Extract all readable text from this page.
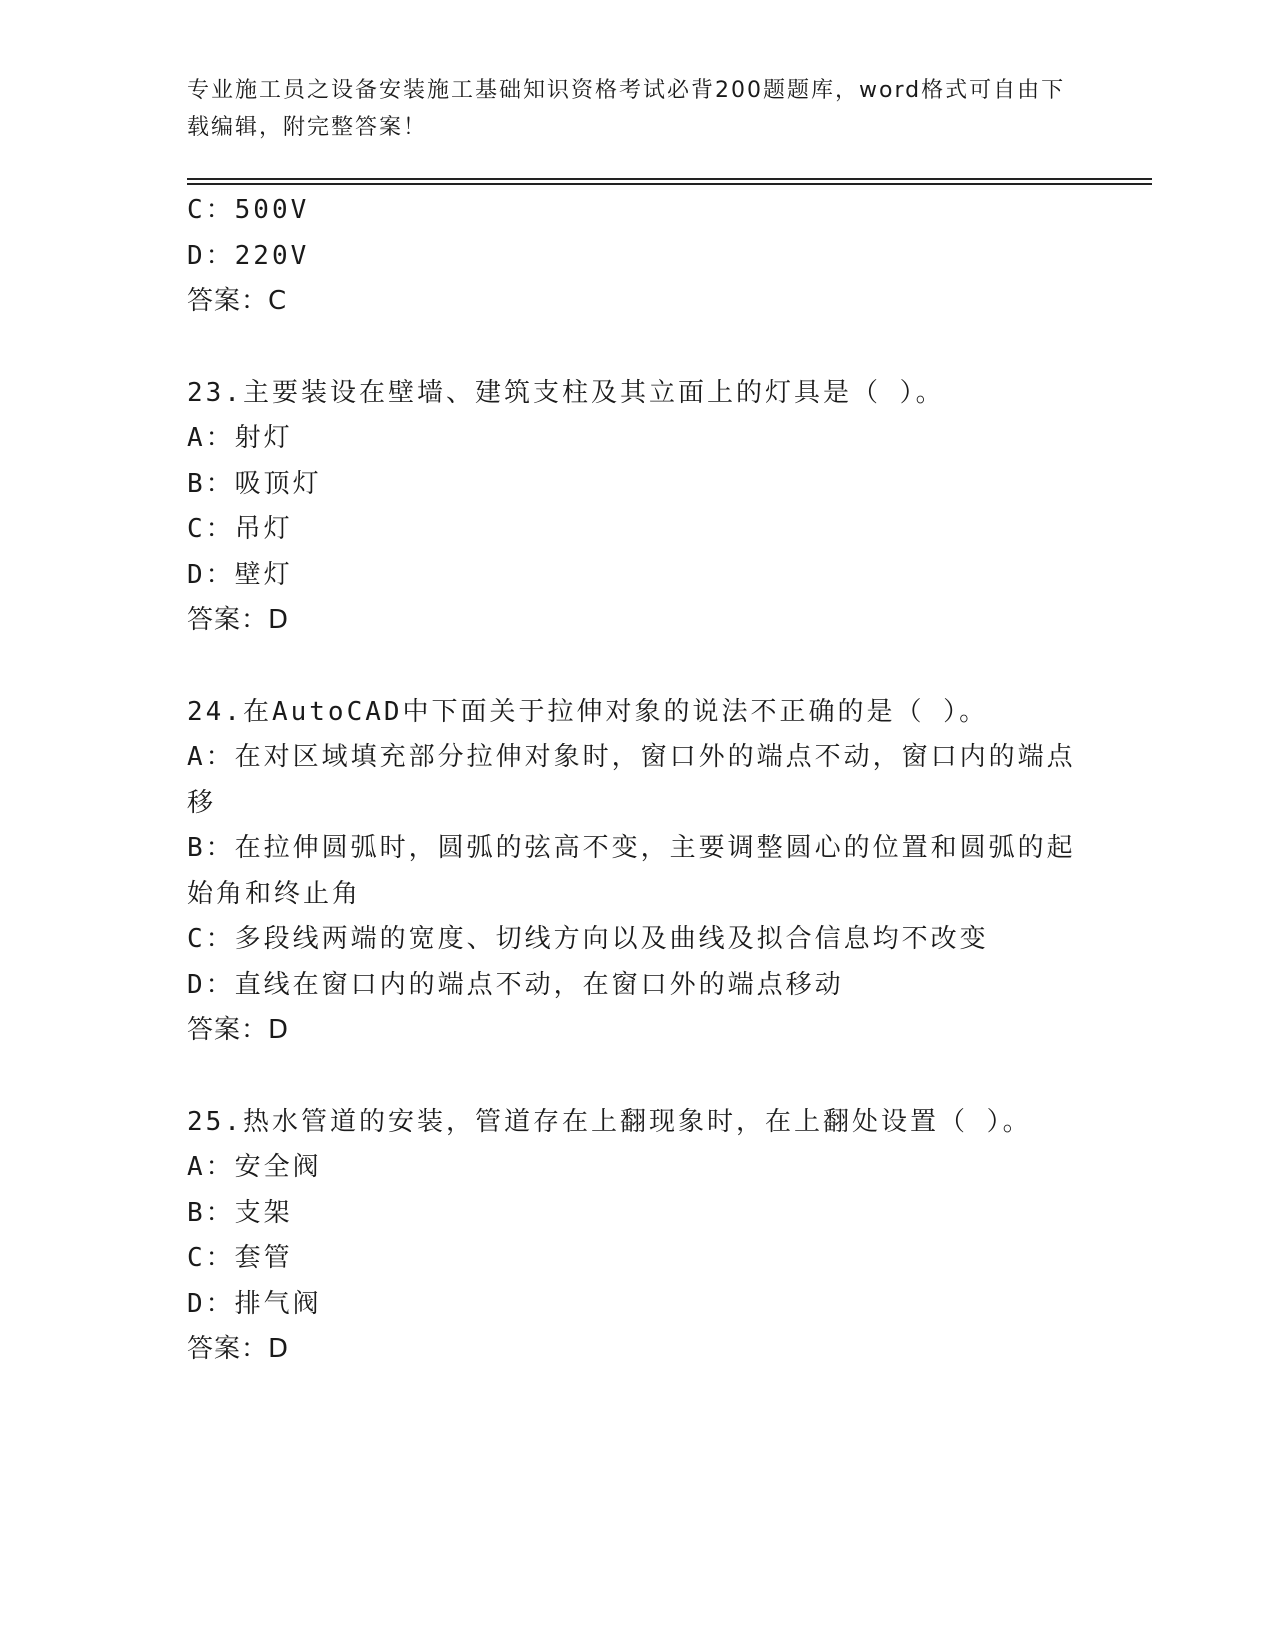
专业施工员之设备安装施工基础知识资格考试必背200题题库，word格式可自由下载编辑，附完整答案！
C：500V
D：220V
答案：C
23.主要装设在壁墙、建筑支柱及其立面上的灯具是（ ）。
A：射灯
B：吸顶灯
C：吊灯
D：壁灯
答案：D
24.在AutoCAD中下面关于拉伸对象的说法不正确的是（ ）。
A：在对区域填充部分拉伸对象时，窗口外的端点不动，窗口内的端点移
B：在拉伸圆弧时，圆弧的弦高不变，主要调整圆心的位置和圆弧的起始角和终止角
C：多段线两端的宽度、切线方向以及曲线及拟合信息均不改变
D：直线在窗口内的端点不动，在窗口外的端点移动
答案：D
25.热水管道的安装，管道存在上翻现象时，在上翻处设置（ ）。
A：安全阀
B：支架
C：套管
D：排气阀
答案：D
